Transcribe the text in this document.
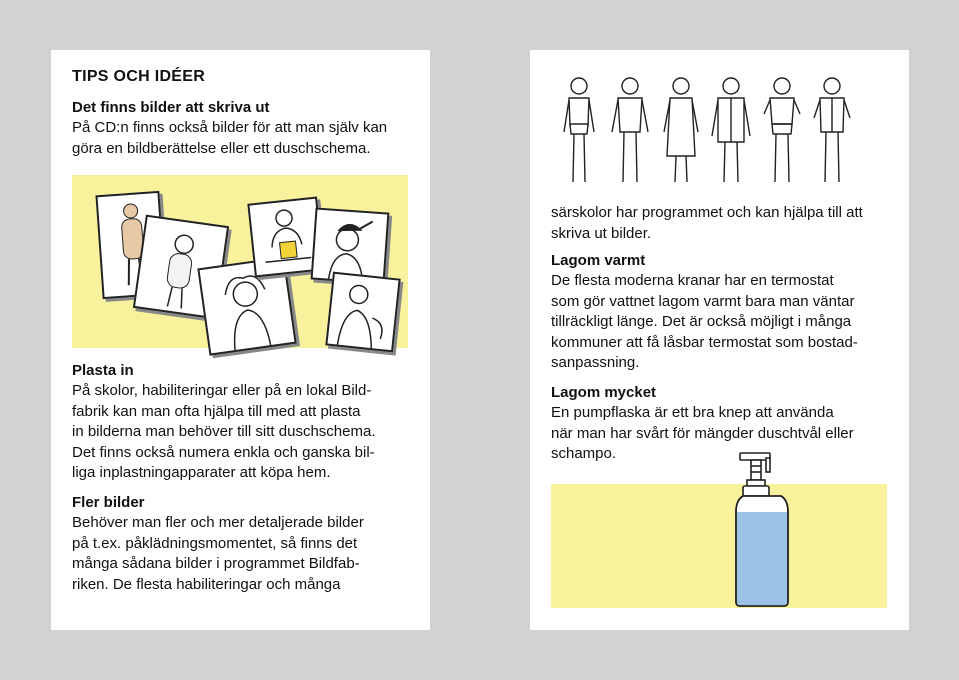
TIPS OCH IDÉER

Det finns bilder att skriva ut

På CD:n finns också bilder för att man själv kan
göra en bildberättelse eller ett duschschema.

Plasta in

På skolor, habiliteringar eller på en lokal Bild-
fabrik kan man ofta hjälpa till med att plasta
in bilderna man behöver till sitt duschschema.
Det finns också numera enkla och ganska bil-
liga inplastningapparater att köpa hem.

Fler bilder

Behöver man fler och mer detaljerade bilder
på t.ex. påklädningsmomentet, så finns det
många sådana bilder i programmet Bildfab-
riken. De flesta habiliteringar och många

särskolor har programmet och kan hjälpa till att
skriva ut bilder.

Lagom varmt

De flesta moderna kranar har en termostat
som gör vattnet lagom varmt bara man väntar
tillräckligt länge. Det är också möjligt i många
kommuner att få låsbar termostat som bostad-
sanpassning.

Lagom mycket

En pumpflaska är ett bra knep att använda
när man har svårt för mängder duschtvål eller
schampo.
